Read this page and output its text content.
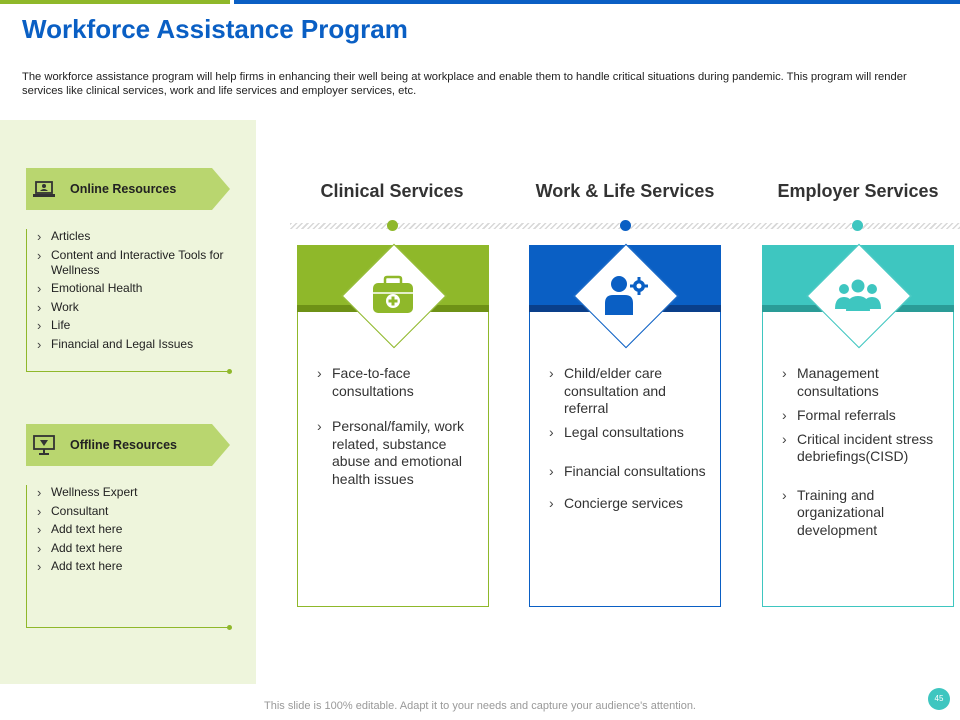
Workforce Assistance Program

The workforce assistance program will help firms in enhancing their well being at workplace and enable them to handle critical situations during pandemic. This program will render services like clinical services, work and life services and employer services, etc.

Online Resources
› Articles
› Content and Interactive Tools for Wellness
› Emotional Health
› Work
› Life
› Financial and Legal Issues
Offline Resources
› Wellness Expert
› Consultant
› Add text here
› Add text here
› Add text here
Clinical Services	Work & Life Services	Employer Services
› Face-to-face consultations
› Personal/family, work related, substance abuse and emotional health issues
› Child/elder care consultation and referral
› Legal consultations
› Financial consultations
› Concierge services
› Management consultations
› Formal referrals
› Critical incident stress debriefings(CISD)
› Training and organizational development
This slide is 100% editable. Adapt it to your needs and capture your audience's attention.
45
